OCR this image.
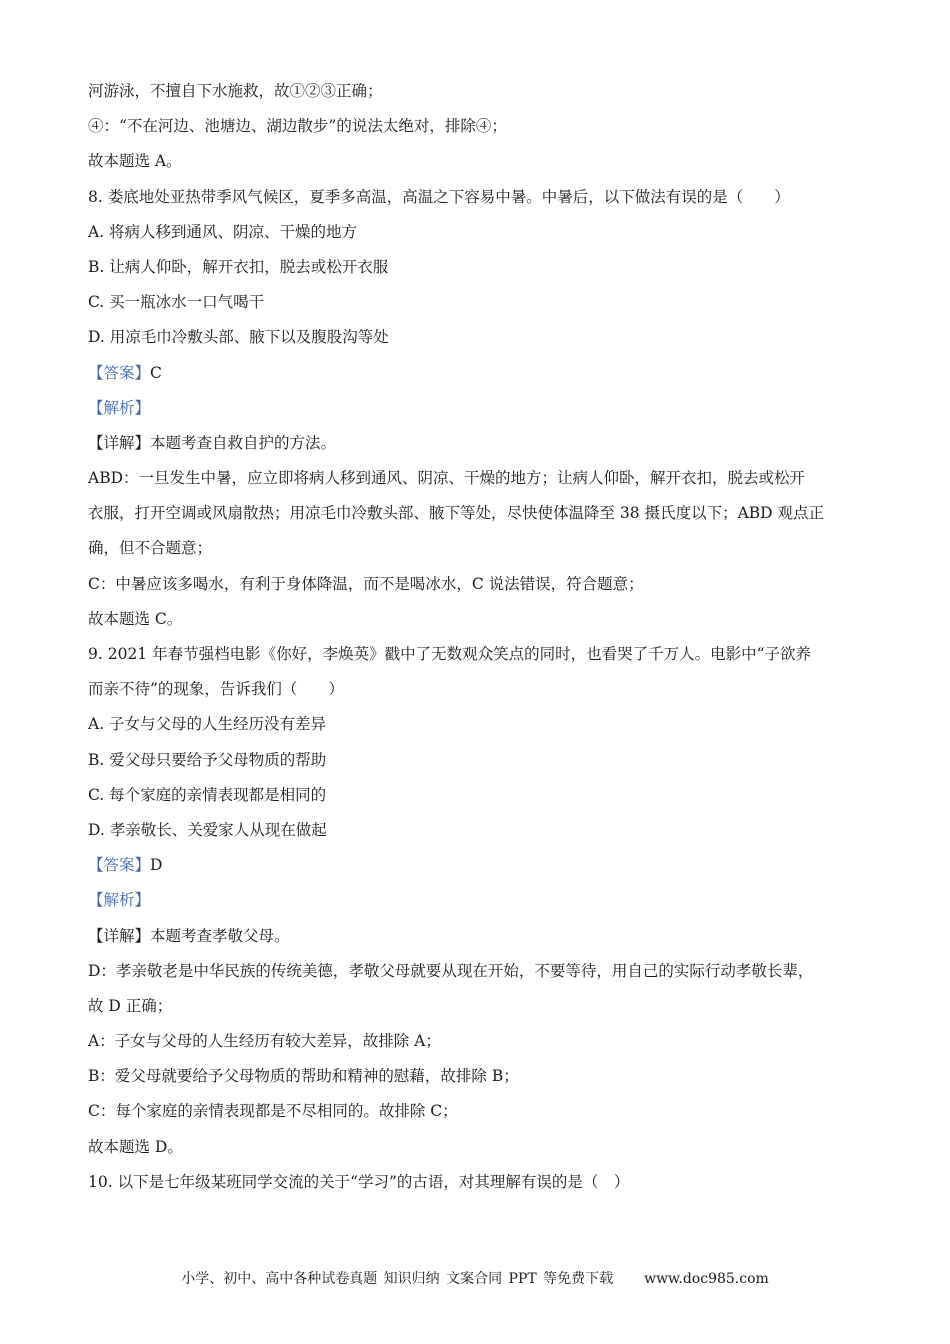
河游泳，不擅自下水施救，故①②③正确；
④：“不在河边、池塘边、湖边散步”的说法太绝对，排除④；
故本题选 A。
8. 娄底地处亚热带季风气候区，夏季多高温，高温之下容易中暑。中暑后，以下做法有误的是（　　）
A. 将病人移到通风、阴凉、干燥的地方
B. 让病人仰卧，解开衣扣，脱去或松开衣服
C. 买一瓶冰水一口气喝干
D. 用凉毛巾冷敷头部、腋下以及腹股沟等处
【答案】C
【解析】
【详解】本题考查自救自护的方法。
ABD：一旦发生中暑，应立即将病人移到通风、阴凉、干燥的地方；让病人仰卧，解开衣扣，脱去或松开
衣服，打开空调或风扇散热；用凉毛巾冷敷头部、腋下等处，尽快使体温降至 38 摄氏度以下；ABD 观点正
确，但不合题意；
C：中暑应该多喝水，有利于身体降温，而不是喝冰水，C 说法错误，符合题意；
故本题选 C。
9. 2021 年春节强档电影《你好，李焕英》戳中了无数观众笑点的同时，也看哭了千万人。电影中“子欲养
而亲不待”的现象，告诉我们（　　）
A. 子女与父母的人生经历没有差异
B. 爱父母只要给予父母物质的帮助
C. 每个家庭的亲情表现都是相同的
D. 孝亲敬长、关爱家人从现在做起
【答案】D
【解析】
【详解】本题考查孝敬父母。
D：孝亲敬老是中华民族的传统美德，孝敬父母就要从现在开始，不要等待，用自己的实际行动孝敬长辈，
故 D 正确；
A：子女与父母的人生经历有较大差异，故排除 A；
B：爱父母就要给予父母物质的帮助和精神的慰藉，故排除 B；
C：每个家庭的亲情表现都是不尽相同的。故排除 C；
故本题选 D。
10. 以下是七年级某班同学交流的关于“学习”的古语，对其理解有误的是（　）
小学、初中、高中各种试卷真题 知识归纳 文案合同 PPT 等免费下载 www.doc985.com
